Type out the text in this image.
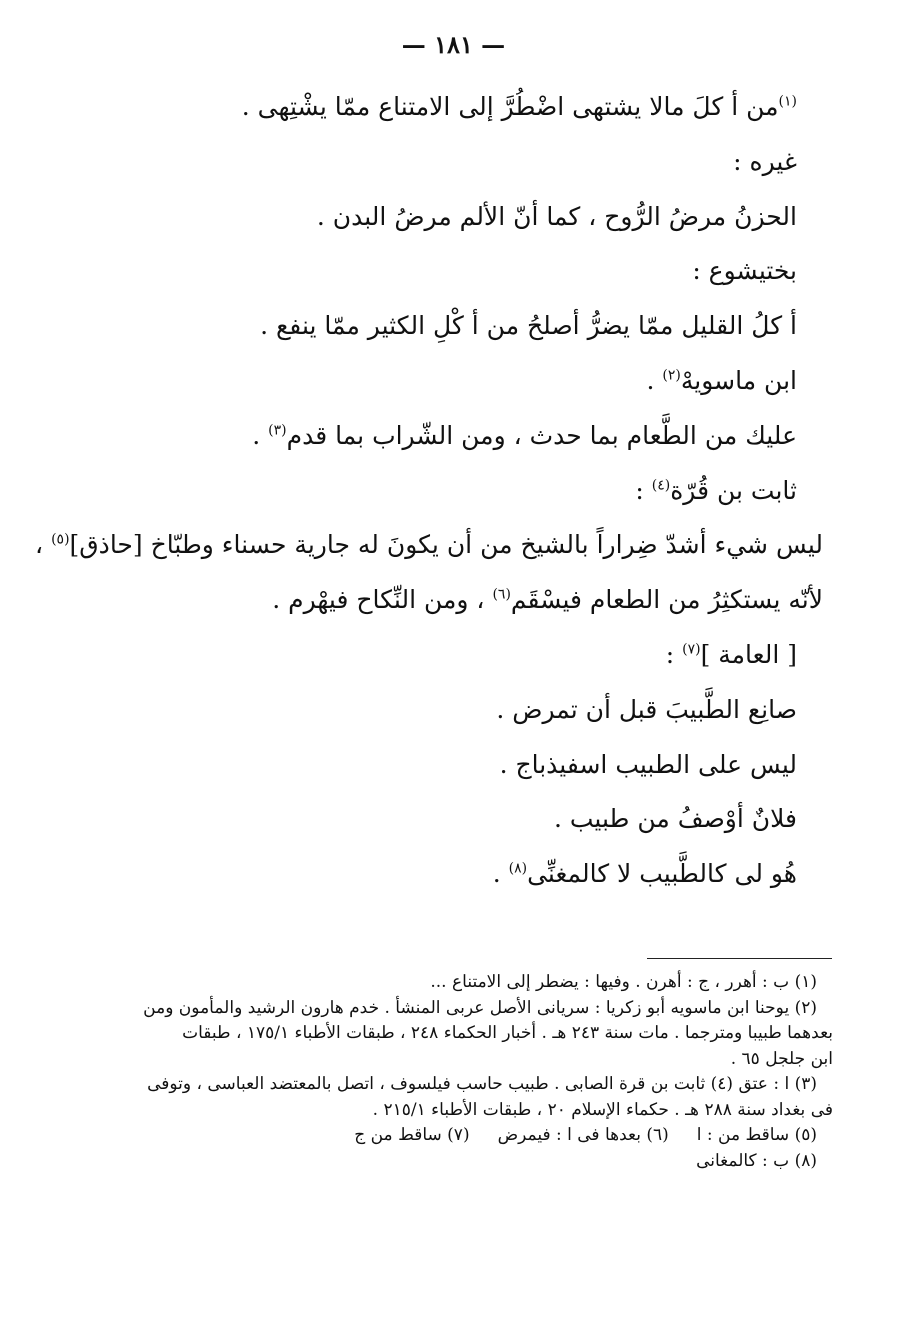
— ١٨١ —
$^{(١)}$من أ كلَ مالا يشتهى اضْطُرَّ إلى الامتناع ممّا يشْتِهى .
غيره :
الحزنُ مرضُ الرُّوح ، كما أنّ الألم مرضُ البدن .
بختيشوع :
أ كلُ القليل ممّا يضرُّ أصلحُ من أ كْلِ الكثير ممّا ينفع .
ابن ماسويهْ$^{(٢)}$ .
عليك من الطَّعام بما حدث ، ومن الشّراب بما قدم$^{(٣)}$ .
ثابت بن قُرّة$^{(٤)}$ :
ليس شيء أشدّ ضِراراً بالشيخ من أن يكونَ له جارية حسناء وطبّاخ [حاذق]$^{(٥)}$ ،
لأنّه يستكثِرُ من الطعام فيسْقَم$^{(٦)}$ ، ومن النِّكاح فيهْرم .
[ العامة ]$^{(٧)}$ :
صانِع الطَّبيبَ قبل أن تمرض .
ليس على الطبيب اسفيذباج .
فلانٌ أوْصفُ من طبيب .
هُو لى كالطَّبيب لا كالمغنِّى$^{(٨)}$ .
(١) ب : أهرر ، ج : أهرن . وفيها : يضطر إلى الامتناع ...
(٢) يوحنا ابن ماسويه أبو زكريا : سريانى الأصل عربى المنشأ . خدم هارون الرشيد والمأمون ومن
بعدهما طبيبا ومترجما . مات سنة ٢٤٣ هـ . أخبار الحكماء ٢٤٨ ، طبقات الأطباء ١٧٥/١ ، طبقات
ابن جلجل ٦٥ .
(٣) ا : عتق (٤) ثابت بن قرة الصابى . طبيب حاسب فيلسوف ، اتصل بالمعتضد العباسى ، وتوفى
فى بغداد سنة ٢٨٨ هـ . حكماء الإسلام ٢٠ ، طبقات الأطباء ٢١٥/١ .
(٥) ساقط من : ا(٦) بعدها فى ا : فيمرض(٧) ساقط من ج
(٨) ب : كالمغانى
